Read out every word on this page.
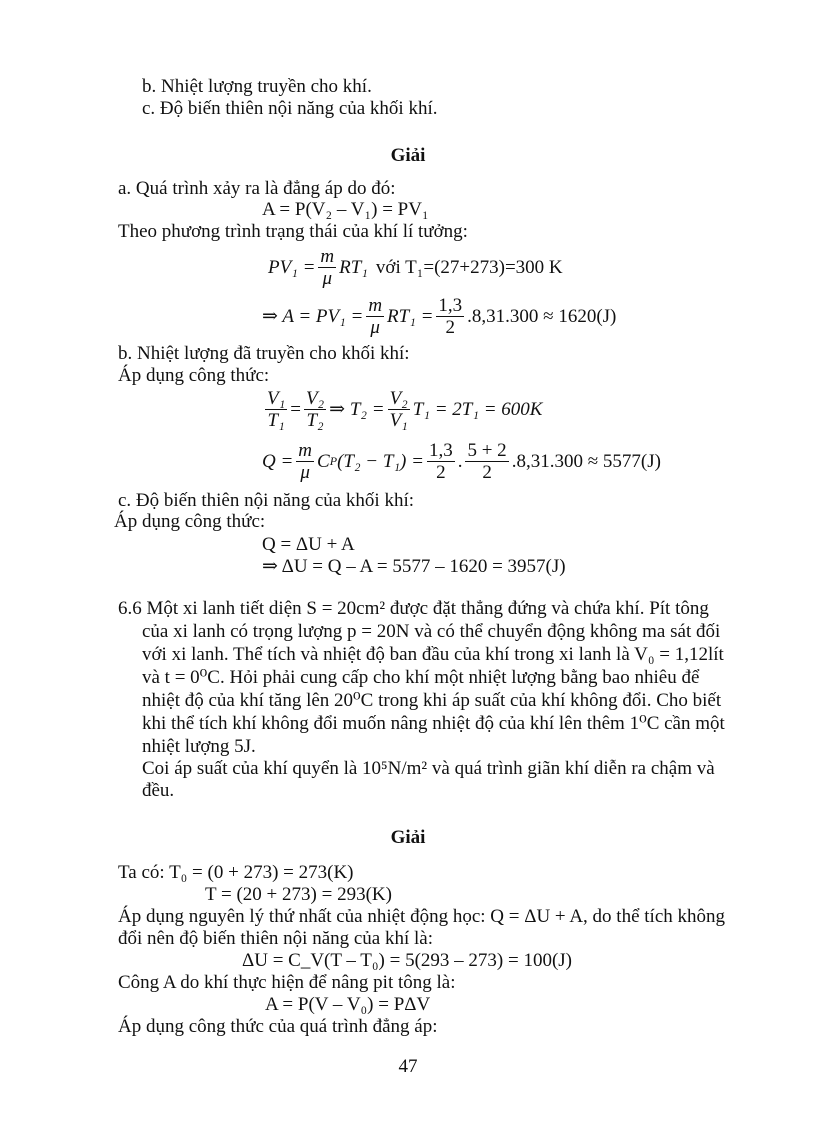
b. Nhiệt lượng truyền cho khí.
c. Độ biến thiên nội năng của khối khí.
Giải
a. Quá trình xảy ra là đẳng áp do đó:
A = P(V₂ – V₁) = PV₁
Theo phương trình trạng thái của khí lí tưởng:
$PV_1 = \frac{m}{\mu} RT_1$ với T₁=(27+273)=300 K
⇒ $A = PV_1 = \frac{m}{\mu} RT_1 = \frac{1,3}{2} .8,31.300 \approx 1620(J)$
b. Nhiệt lượng đã truyền cho khối khí:
Áp dụng công thức:
$\frac{\text{V₁}}{\text{T₁}} = \frac{\text{V₂}}{\text{T₂}}$ ⇒ $T_2 = \frac{\text{V₂}}{\text{V₁}} T_1 = 2T_1 = 600K$
$Q = \frac{m}{\mu}$ C P $(T_2 - T_1) = \frac{1,3}{2}$ . 5 + 2
2
.8,31.300 ≈ 5577(J)
c. Độ biến thiên nội năng của khối khí:
Áp dụng công thức:
Q = ΔU + A
⇒ ΔU = Q – A = 5577 – 1620 = 3957(J)
6.6 Một xi lanh tiết diện S = 20cm² được đặt thẳng đứng và chứa khí. Pít tông
của xi lanh có trọng lượng p = 20N và có thể chuyển động không ma sát đối
với xi lanh. Thể tích và nhiệt độ ban đầu của khí trong xi lanh là V₀ = 1,12lít
và t = 0⁰C. Hỏi phải cung cấp cho khí một nhiệt lượng bằng bao nhiêu để
nhiệt độ của khí tăng lên 20⁰C trong khi áp suất của khí không đổi. Cho biết
khi thể tích khí không đổi muốn nâng nhiệt độ của khí lên thêm 1⁰C cần một
nhiệt lượng 5J.
Coi áp suất của khí quyển là 10⁵N/m² và quá trình giãn khí diễn ra chậm và
đều.
Giải
Ta có: T₀ = (0 + 273) = 273(K)
T = (20 + 273) = 293(K)
Áp dụng nguyên lý thứ nhất của nhiệt động học: Q = ΔU + A, do thể tích không
đổi nên độ biến thiên nội năng của khí là:
ΔU = C_V(T – T₀) = 5(293 – 273) = 100(J)
Công A do khí thực hiện để nâng pit tông là:
A = P(V – V₀) = PΔV
Áp dụng công thức của quá trình đẳng áp:
47
